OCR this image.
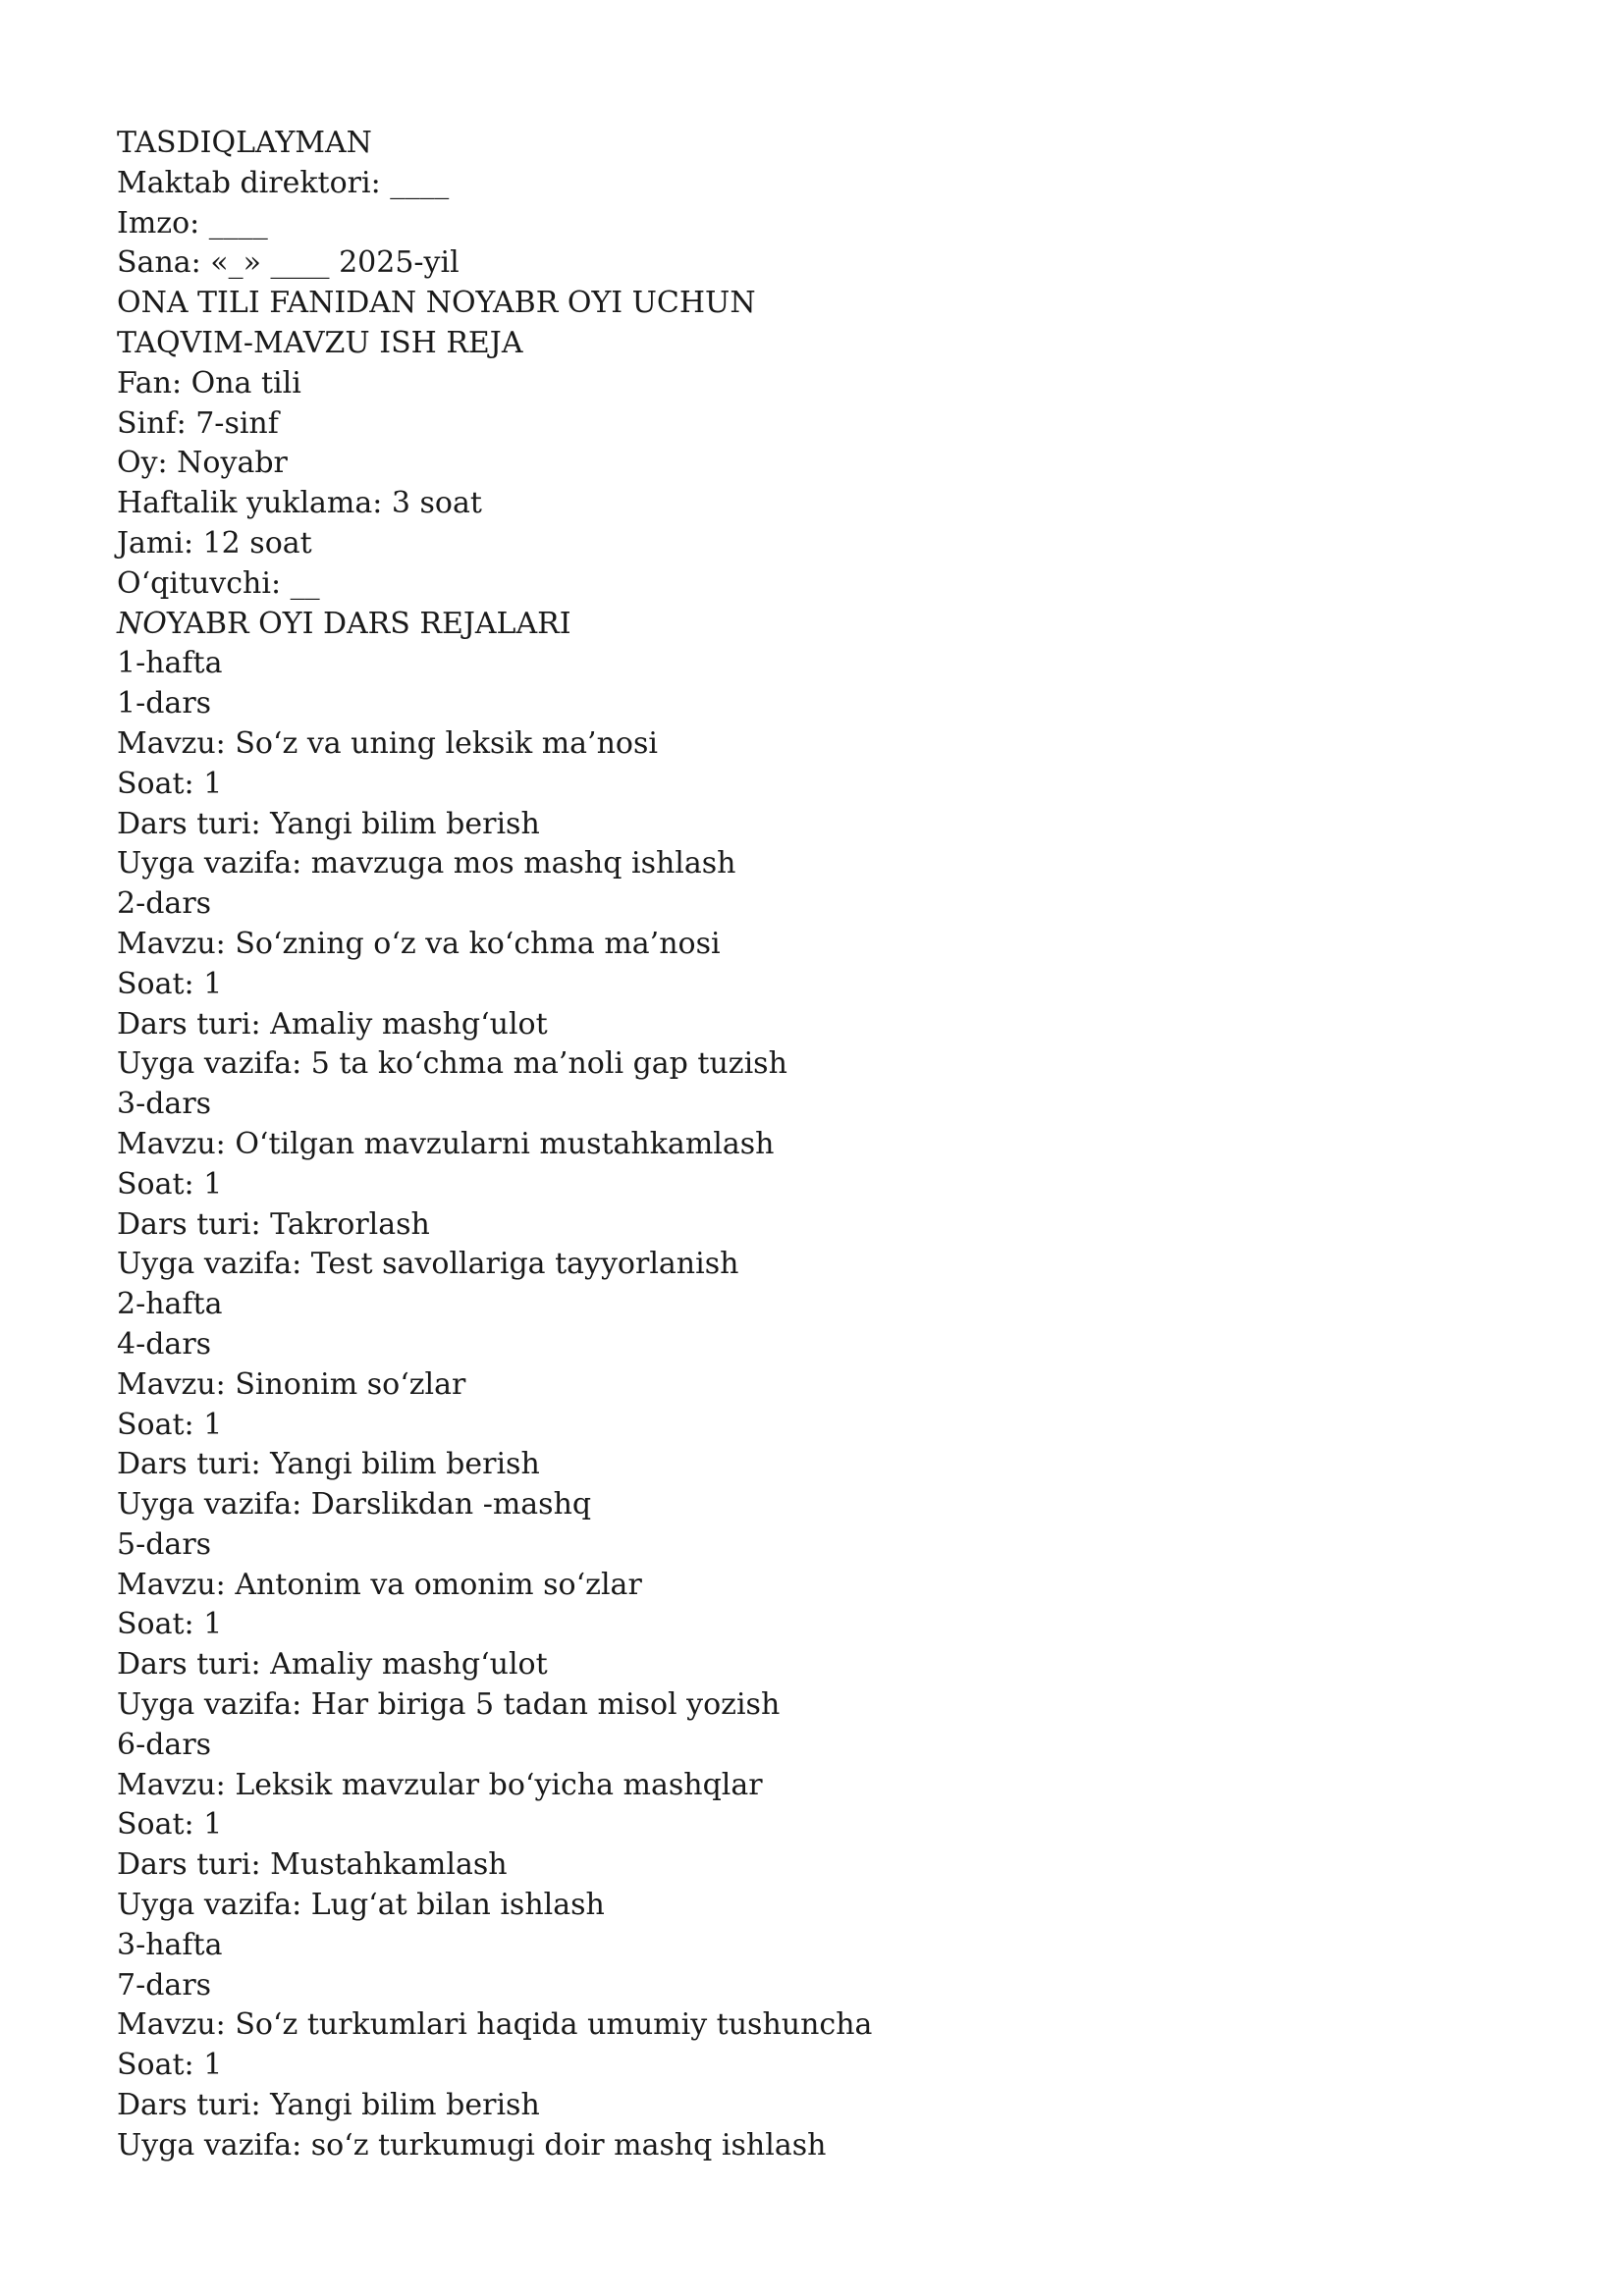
TASDIQLAYMAN
Maktab direktori: ____
Imzo: ____
Sana: «_» ____ 2025-yil
ONA TILI FANIDAN NOYABR OYI UCHUN
TAQVIM-MAVZU ISH REJA
Fan: Ona tili
Sinf: 7-sinf
Oy: Noyabr
Haftalik yuklama: 3 soat
Jami: 12 soat
O‘qituvchi: __
NOYABR OYI DARS REJALARI
1-hafta
1-dars
Mavzu: So‘z va uning leksik ma’nosi
Soat: 1
Dars turi: Yangi bilim berish
Uyga vazifa: mavzuga mos mashq ishlash
2-dars
Mavzu: So‘zning o‘z va ko‘chma ma’nosi
Soat: 1
Dars turi: Amaliy mashg‘ulot
Uyga vazifa: 5 ta ko‘chma ma’noli gap tuzish
3-dars
Mavzu: O‘tilgan mavzularni mustahkamlash
Soat: 1
Dars turi: Takrorlash
Uyga vazifa: Test savollariga tayyorlanish
2-hafta
4-dars
Mavzu: Sinonim so‘zlar
Soat: 1
Dars turi: Yangi bilim berish
Uyga vazifa: Darslikdan -mashq
5-dars
Mavzu: Antonim va omonim so‘zlar
Soat: 1
Dars turi: Amaliy mashg‘ulot
Uyga vazifa: Har biriga 5 tadan misol yozish
6-dars
Mavzu: Leksik mavzular bo‘yicha mashqlar
Soat: 1
Dars turi: Mustahkamlash
Uyga vazifa: Lug‘at bilan ishlash
3-hafta
7-dars
Mavzu: So‘z turkumlari haqida umumiy tushuncha
Soat: 1
Dars turi: Yangi bilim berish
Uyga vazifa: so‘z turkumugi doir mashq ishlash
